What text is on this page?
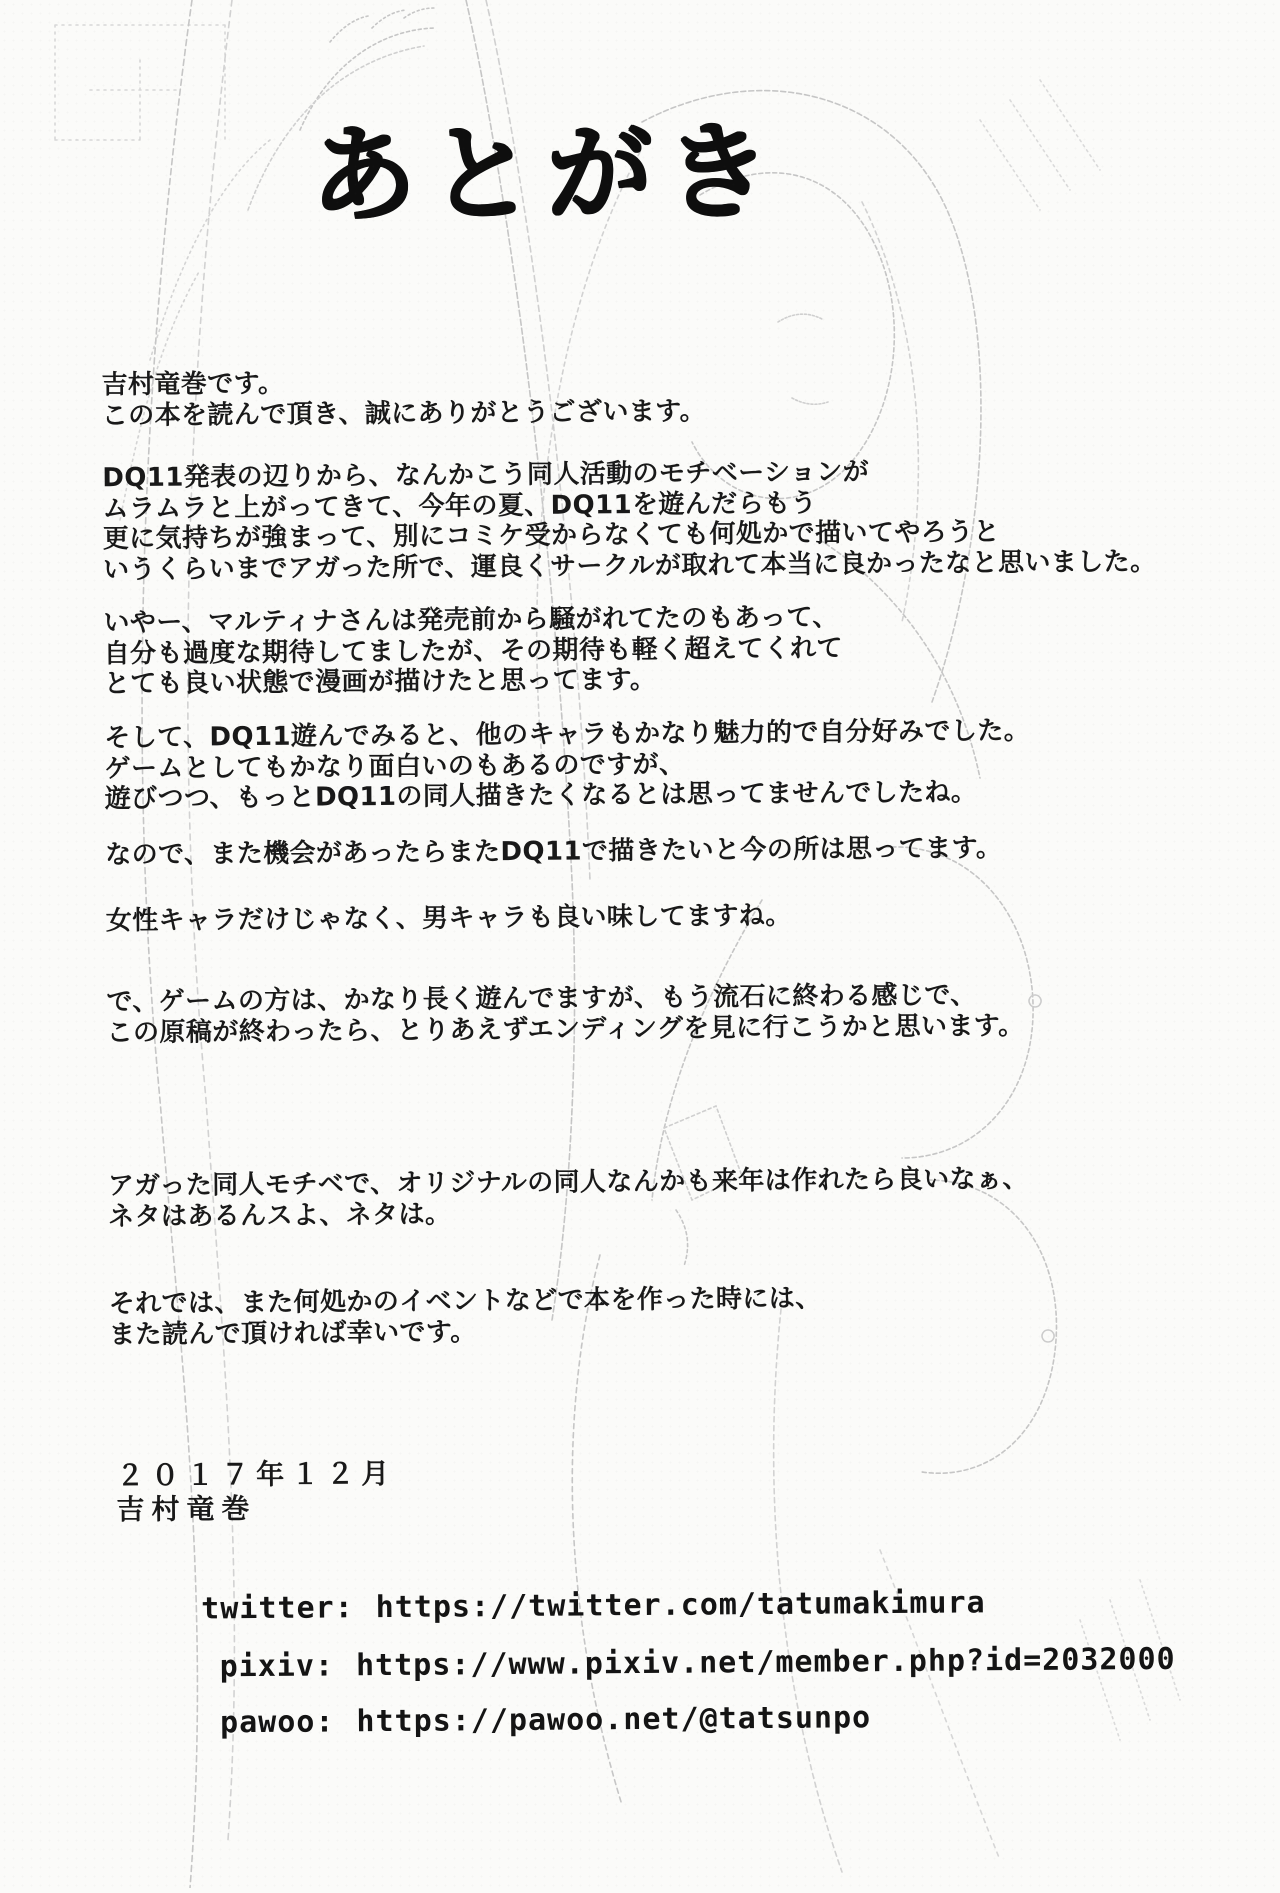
あとがき
吉村竜巻です。
この本を読んで頂き、誠にありがとうございます。
DQ11発表の辺りから、なんかこう同人活動のモチベーションが
ムラムラと上がってきて、今年の夏、DQ11を遊んだらもう
更に気持ちが強まって、別にコミケ受からなくても何処かで描いてやろうと
いうくらいまでアガった所で、運良くサークルが取れて本当に良かったなと思いました。
いやー、マルティナさんは発売前から騒がれてたのもあって、
自分も過度な期待してましたが、その期待も軽く超えてくれて
とても良い状態で漫画が描けたと思ってます。
そして、DQ11遊んでみると、他のキャラもかなり魅力的で自分好みでした。
ゲームとしてもかなり面白いのもあるのですが、
遊びつつ、もっとDQ11の同人描きたくなるとは思ってませんでしたね。
なので、また機会があったらまたDQ11で描きたいと今の所は思ってます。
女性キャラだけじゃなく、男キャラも良い味してますね。
で、ゲームの方は、かなり長く遊んでますが、もう流石に終わる感じで、
この原稿が終わったら、とりあえずエンディングを見に行こうかと思います。
アガった同人モチベで、オリジナルの同人なんかも来年は作れたら良いなぁ、
ネタはあるんスよ、ネタは。
それでは、また何処かのイベントなどで本を作った時には、
また読んで頂ければ幸いです。
２０１７年１２月
吉村竜巻
twitter: https://twitter.com/tatumakimura
pixiv: https://www.pixiv.net/member.php?id=2032000
pawoo: https://pawoo.net/@tatsunpo
